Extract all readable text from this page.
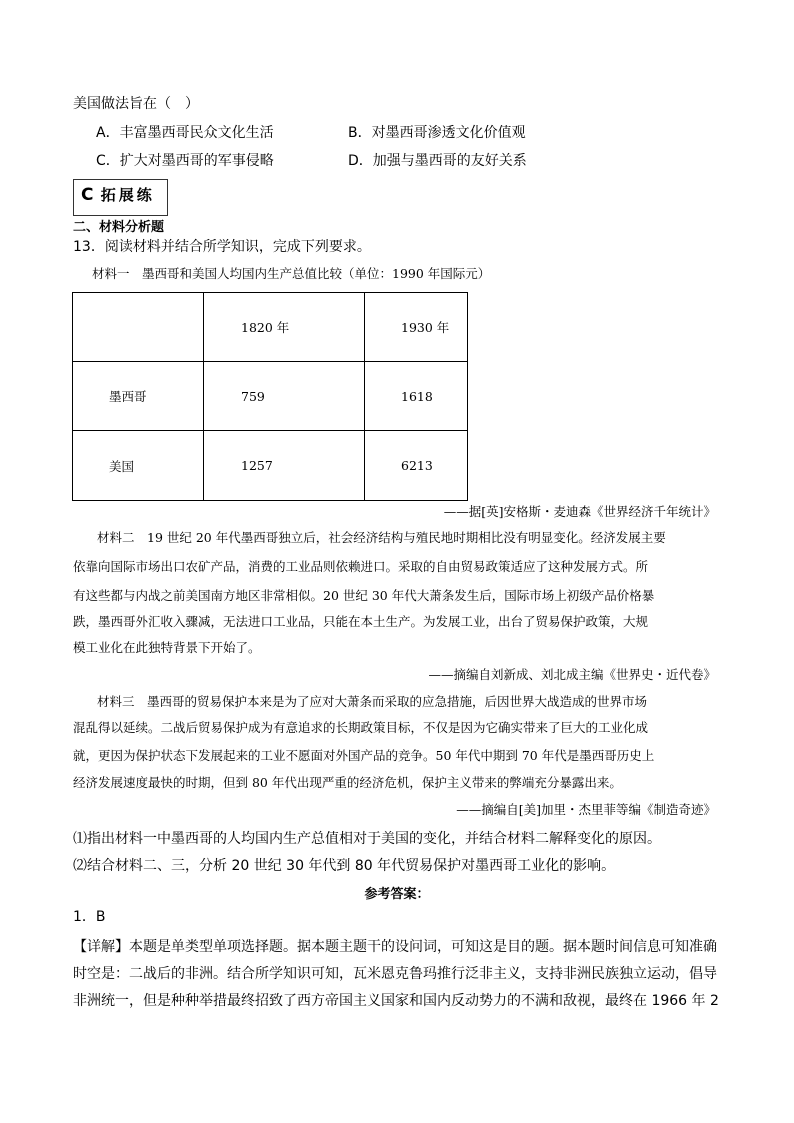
美国做法旨在（　）
A．丰富墨西哥民众文化生活	B．对墨西哥渗透文化价值观
C．扩大对墨西哥的军事侵略	D．加强与墨西哥的友好关系
C 拓展练
二、材料分析题
13．阅读材料并结合所学知识，完成下列要求。
材料一　墨西哥和美国人均国内生产总值比较（单位：1990 年国际元）
	1820 年	1930 年
墨西哥	759	1618
美国	1257	6213
——据[英]安格斯・麦迪森《世界经济千年统计》
材料二　19 世纪 20 年代墨西哥独立后，社会经济结构与殖民地时期相比没有明显变化。经济发展主要
依靠向国际市场出口农矿产品，消费的工业品则依赖进口。采取的自由贸易政策适应了这种发展方式。所
有这些都与内战之前美国南方地区非常相似。20 世纪 30 年代大萧条发生后，国际市场上初级产品价格暴
跌，墨西哥外汇收入骤减，无法进口工业品，只能在本土生产。为发展工业，出台了贸易保护政策，大规
模工业化在此独特背景下开始了。
——摘编自刘新成、刘北成主编《世界史・近代卷》
材料三　墨西哥的贸易保护本来是为了应对大萧条而采取的应急措施，后因世界大战造成的世界市场
混乱得以延续。二战后贸易保护成为有意追求的长期政策目标，不仅是因为它确实带来了巨大的工业化成
就，更因为保护状态下发展起来的工业不愿面对外国产品的竞争。50 年代中期到 70 年代是墨西哥历史上
经济发展速度最快的时期，但到 80 年代出现严重的经济危机，保护主义带来的弊端充分暴露出来。
——摘编自[美]加里・杰里菲等编《制造奇迹》
⑴指出材料一中墨西哥的人均国内生产总值相对于美国的变化，并结合材料二解释变化的原因。
⑵结合材料二、三，分析 20 世纪 30 年代到 80 年代贸易保护对墨西哥工业化的影响。
参考答案：
1．B
【详解】本题是单类型单项选择题。据本题主题干的设问词，可知这是目的题。据本题时间信息可知准确
时空是：二战后的非洲。结合所学知识可知，瓦米恩克鲁玛推行泛非主义，支持非洲民族独立运动，倡导
非洲统一，但是种种举措最终招致了西方帝国主义国家和国内反动势力的不满和敌视，最终在 1966 年 2
